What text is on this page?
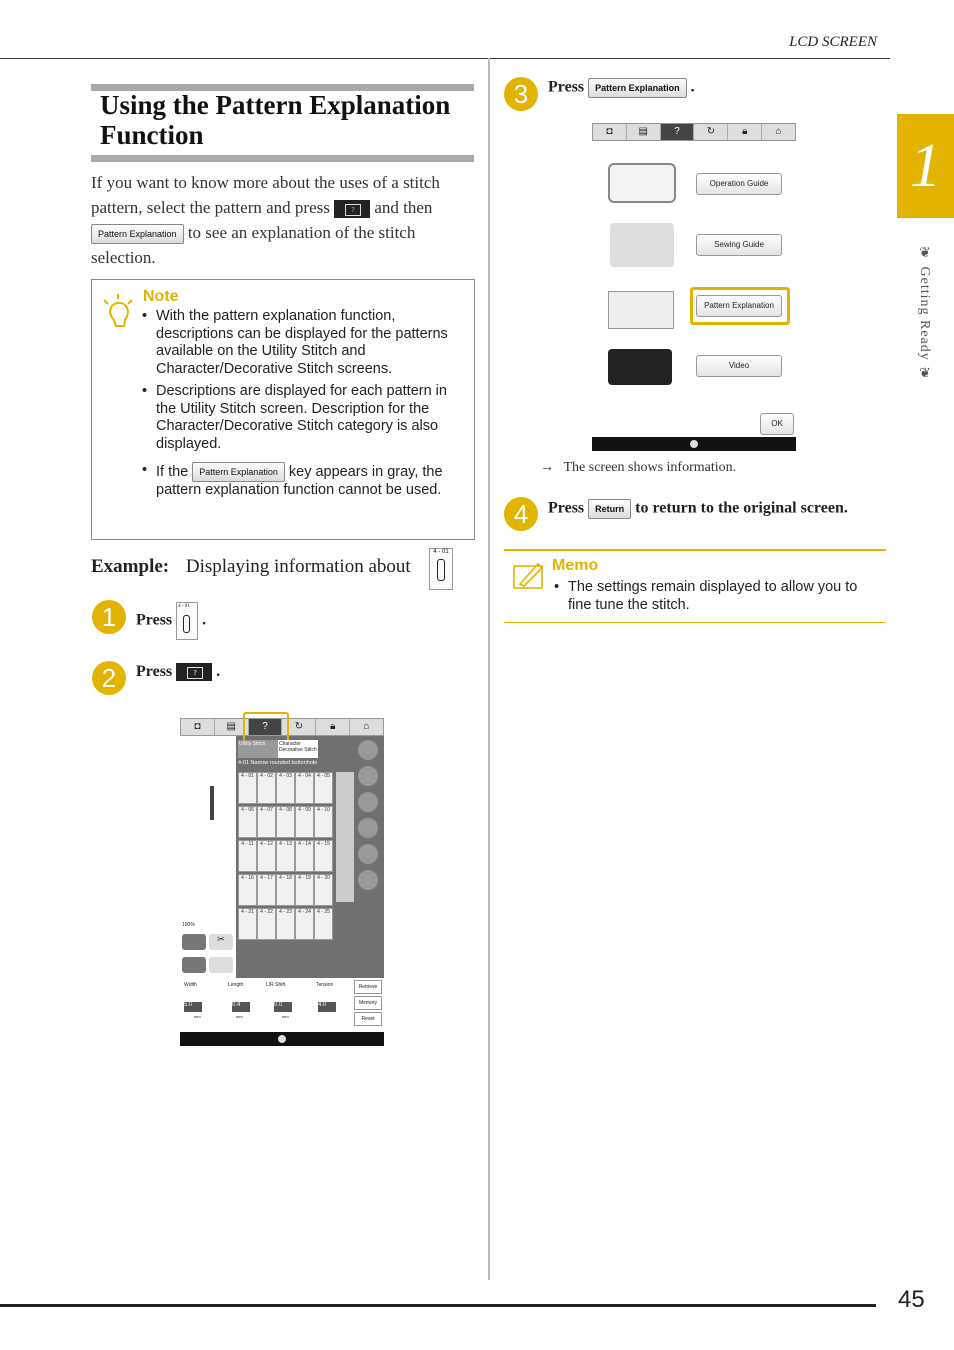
LCD SCREEN
1
❦ Getting Ready ❦
Using the Pattern Explanation
Function
If you want to know more about the uses of a stitch pattern, select the pattern and press	?	and then Pattern Explanation to see an explanation of the stitch selection.
Note
• With the pattern explanation function, descriptions can be displayed for the patterns available on the Utility Stitch and Character/Decorative Stitch screens.
• Descriptions are displayed for each pattern in the Utility Stitch screen. Description for the Character/Decorative Stitch category is also displayed.
• If the Pattern Explanation key appears in gray, the pattern explanation function cannot be used.
Example: Displaying information about
4 - 01
1	Press
4 - 01
.
2	Press	?	.
◘	▤	?	↻	🔒︎	⌂
100%
✂
Utility Stitch	Character Decorative Stitch
4-01 Narrow rounded buttonhole
4 - 01	4 - 02	4 - 03	4 - 04	4 - 05
4 - 06	4 - 07	4 - 08	4 - 09	4 - 10
4 - 11	4 - 12	4 - 13	4 - 14	4 - 15
4 - 16	4 - 17	4 - 18	4 - 19	4 - 20
4 - 21	4 - 22	4 - 23	4 - 24	4 - 25
Width
5.0
mm
Length
0.4
mm
L/R Shift
0.0
mm
Tension
4.0
Retrieve
Memory
Reset
3	Press Pattern Explanation .
◘	▤	?	↻	🔒︎	⌂
Operation Guide
Sewing Guide
Pattern Explanation
Video
OK
→ The screen shows information.
4	Press Return to return to the original screen.
Memo
• The settings remain displayed to allow you to fine tune the stitch.
45
